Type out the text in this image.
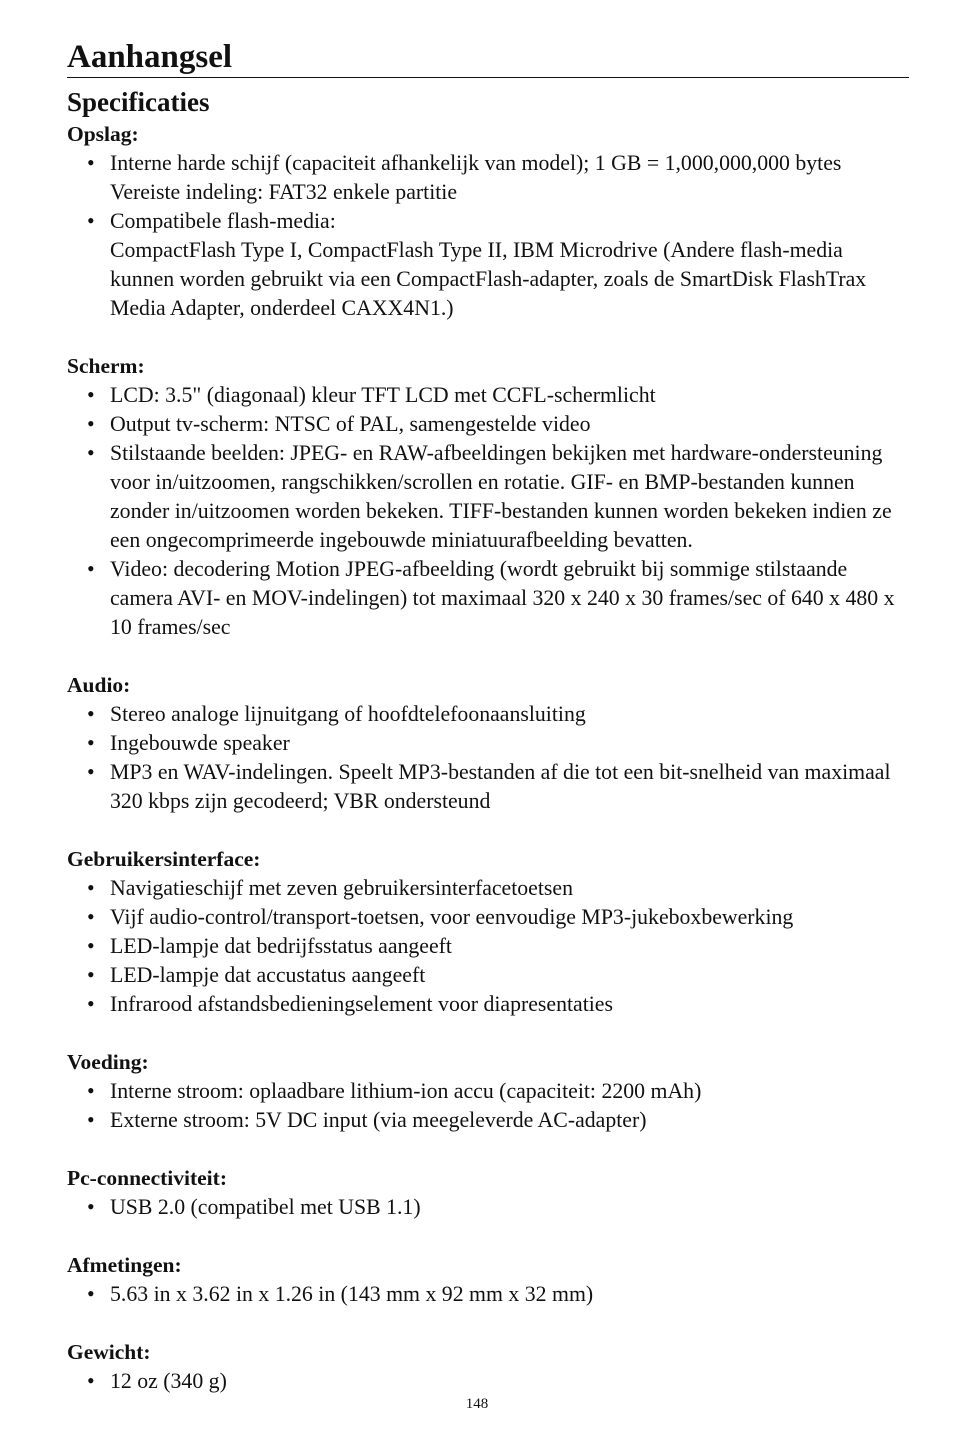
Aanhangsel
Specificaties

Opslag:

• Interne harde schijf (capaciteit afhankelijk van model); 1 GB = 1,000,000,000 bytes
Vereiste indeling: FAT32 enkele partitie
• Compatibele flash-media:
CompactFlash Type I, CompactFlash Type II, IBM Microdrive (Andere flash-media kunnen worden gebruikt via een CompactFlash-adapter, zoals de SmartDisk FlashTrax Media Adapter, onderdeel CAXX4N1.)

Scherm:

• LCD: 3.5" (diagonaal) kleur TFT LCD met CCFL-schermlicht
• Output tv-scherm: NTSC of PAL, samengestelde video
• Stilstaande beelden: JPEG- en RAW-afbeeldingen bekijken met hardware-ondersteuning voor in/uitzoomen, rangschikken/scrollen en rotatie. GIF- en BMP-bestanden kunnen zonder in/uitzoomen worden bekeken. TIFF-bestanden kunnen worden bekeken indien ze een ongecomprimeerde ingebouwde miniatuurafbeelding bevatten.
• Video: decodering Motion JPEG-afbeelding (wordt gebruikt bij sommige stilstaande camera AVI- en MOV-indelingen) tot maximaal 320 x 240 x 30 frames/sec of 640 x 480 x 10 frames/sec

Audio:

• Stereo analoge lijnuitgang of hoofdtelefoonaansluiting
• Ingebouwde speaker
• MP3 en WAV-indelingen. Speelt MP3-bestanden af die tot een bit-snelheid van maximaal 320 kbps zijn gecodeerd; VBR ondersteund

Gebruikersinterface:

• Navigatieschijf met zeven gebruikersinterfacetoetsen
• Vijf audio-control/transport-toetsen, voor eenvoudige MP3-jukeboxbewerking
• LED-lampje dat bedrijfsstatus aangeeft
• LED-lampje dat accustatus aangeeft
• Infrarood afstandsbedieningselement voor diapresentaties

Voeding:

• Interne stroom: oplaadbare lithium-ion accu (capaciteit: 2200 mAh)
• Externe stroom: 5V DC input (via meegeleverde AC-adapter)

Pc-connectiviteit:

• USB 2.0 (compatibel met USB 1.1)

Afmetingen:

• 5.63 in x 3.62 in x 1.26 in (143 mm x 92 mm x 32 mm)

Gewicht:

• 12 oz (340 g)
148
